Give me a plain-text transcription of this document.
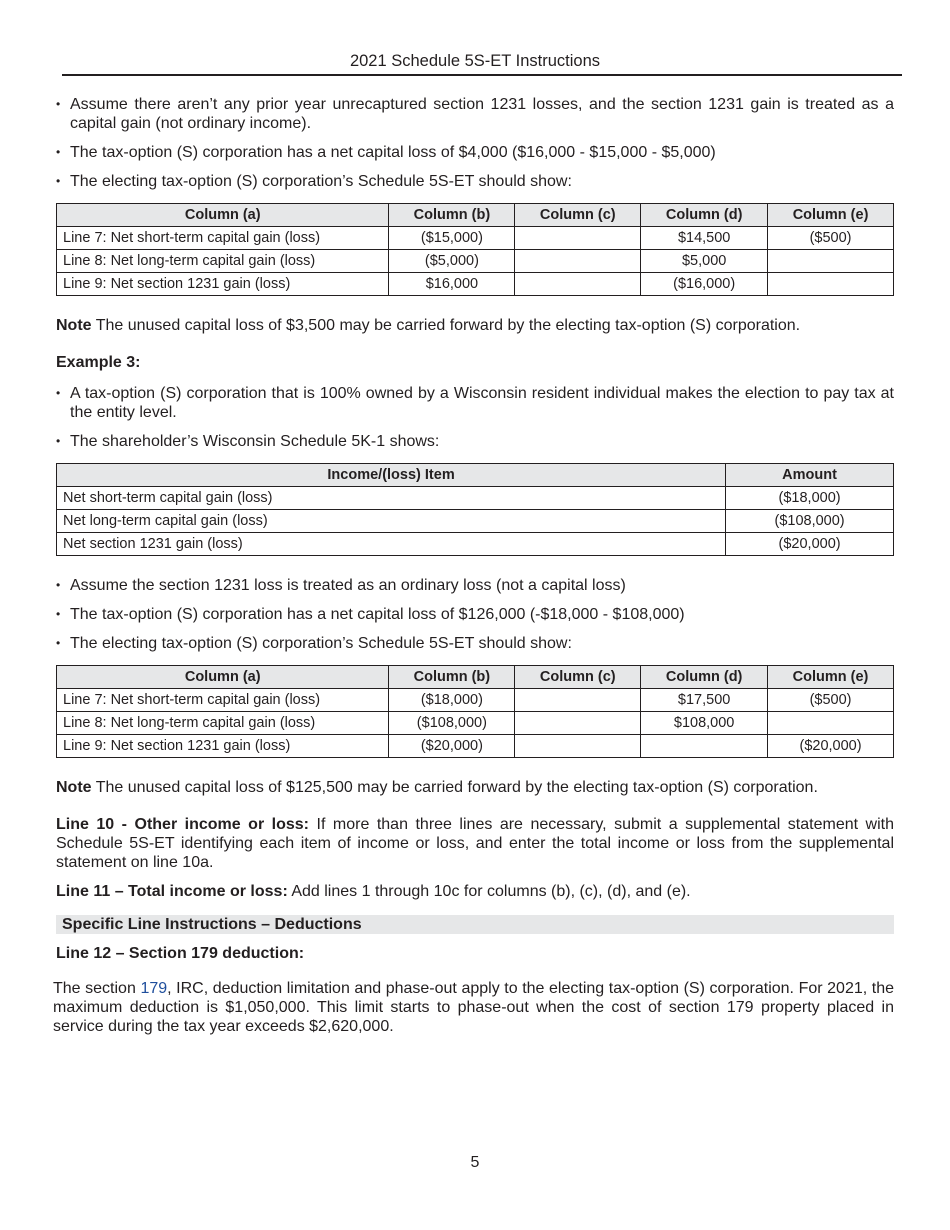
2021 Schedule 5S-ET Instructions
• Assume there aren’t any prior year unrecaptured section 1231 losses, and the section 1231 gain is treated as a capital gain (not ordinary income).
• The tax-option (S) corporation has a net capital loss of $4,000 ($16,000 - $15,000 - $5,000)
• The electing tax-option (S) corporation’s Schedule 5S-ET should show:
Column (a)	Column (b)	Column (c)	Column (d)	Column (e)
Line 7: Net short-term capital gain (loss)	($15,000)		$14,500	($500)
Line 8: Net long-term capital gain (loss)	($5,000)		$5,000	
Line 9: Net section 1231 gain (loss)	$16,000		($16,000)	

Note The unused capital loss of $3,500 may be carried forward by the electing tax-option (S) corporation.

Example 3:

• A tax-option (S) corporation that is 100% owned by a Wisconsin resident individual makes the election to pay tax at the entity level.
• The shareholder’s Wisconsin Schedule 5K-1 shows:
Income/(loss) Item	Amount
Net short-term capital gain (loss)	($18,000)
Net long-term capital gain (loss)	($108,000)
Net section 1231 gain (loss)	($20,000)
• Assume the section 1231 loss is treated as an ordinary loss (not a capital loss)
• The tax-option (S) corporation has a net capital loss of $126,000 (-$18,000 - $108,000)
• The electing tax-option (S) corporation’s Schedule 5S-ET should show:
Column (a)	Column (b)	Column (c)	Column (d)	Column (e)
Line 7: Net short-term capital gain (loss)	($18,000)		$17,500	($500)
Line 8: Net long-term capital gain (loss)	($108,000)		$108,000	
Line 9: Net section 1231 gain (loss)	($20,000)			($20,000)

Note The unused capital loss of $125,500 may be carried forward by the electing tax-option (S) corporation.

Line 10 - Other income or loss: If more than three lines are necessary, submit a supplemental statement with Schedule 5S-ET identifying each item of income or loss, and enter the total income or loss from the supplemental statement on line 10a.

Line 11 – Total income or loss: Add lines 1 through 10c for columns (b), (c), (d), and (e).

Specific Line Instructions – Deductions

Line 12 – Section 179 deduction:

The section 179, IRC, deduction limitation and phase-out apply to the electing tax-option (S) corporation. For 2021, the maximum deduction is $1,050,000. This limit starts to phase-out when the cost of section 179 property placed in service during the tax year exceeds $2,620,000.

5
